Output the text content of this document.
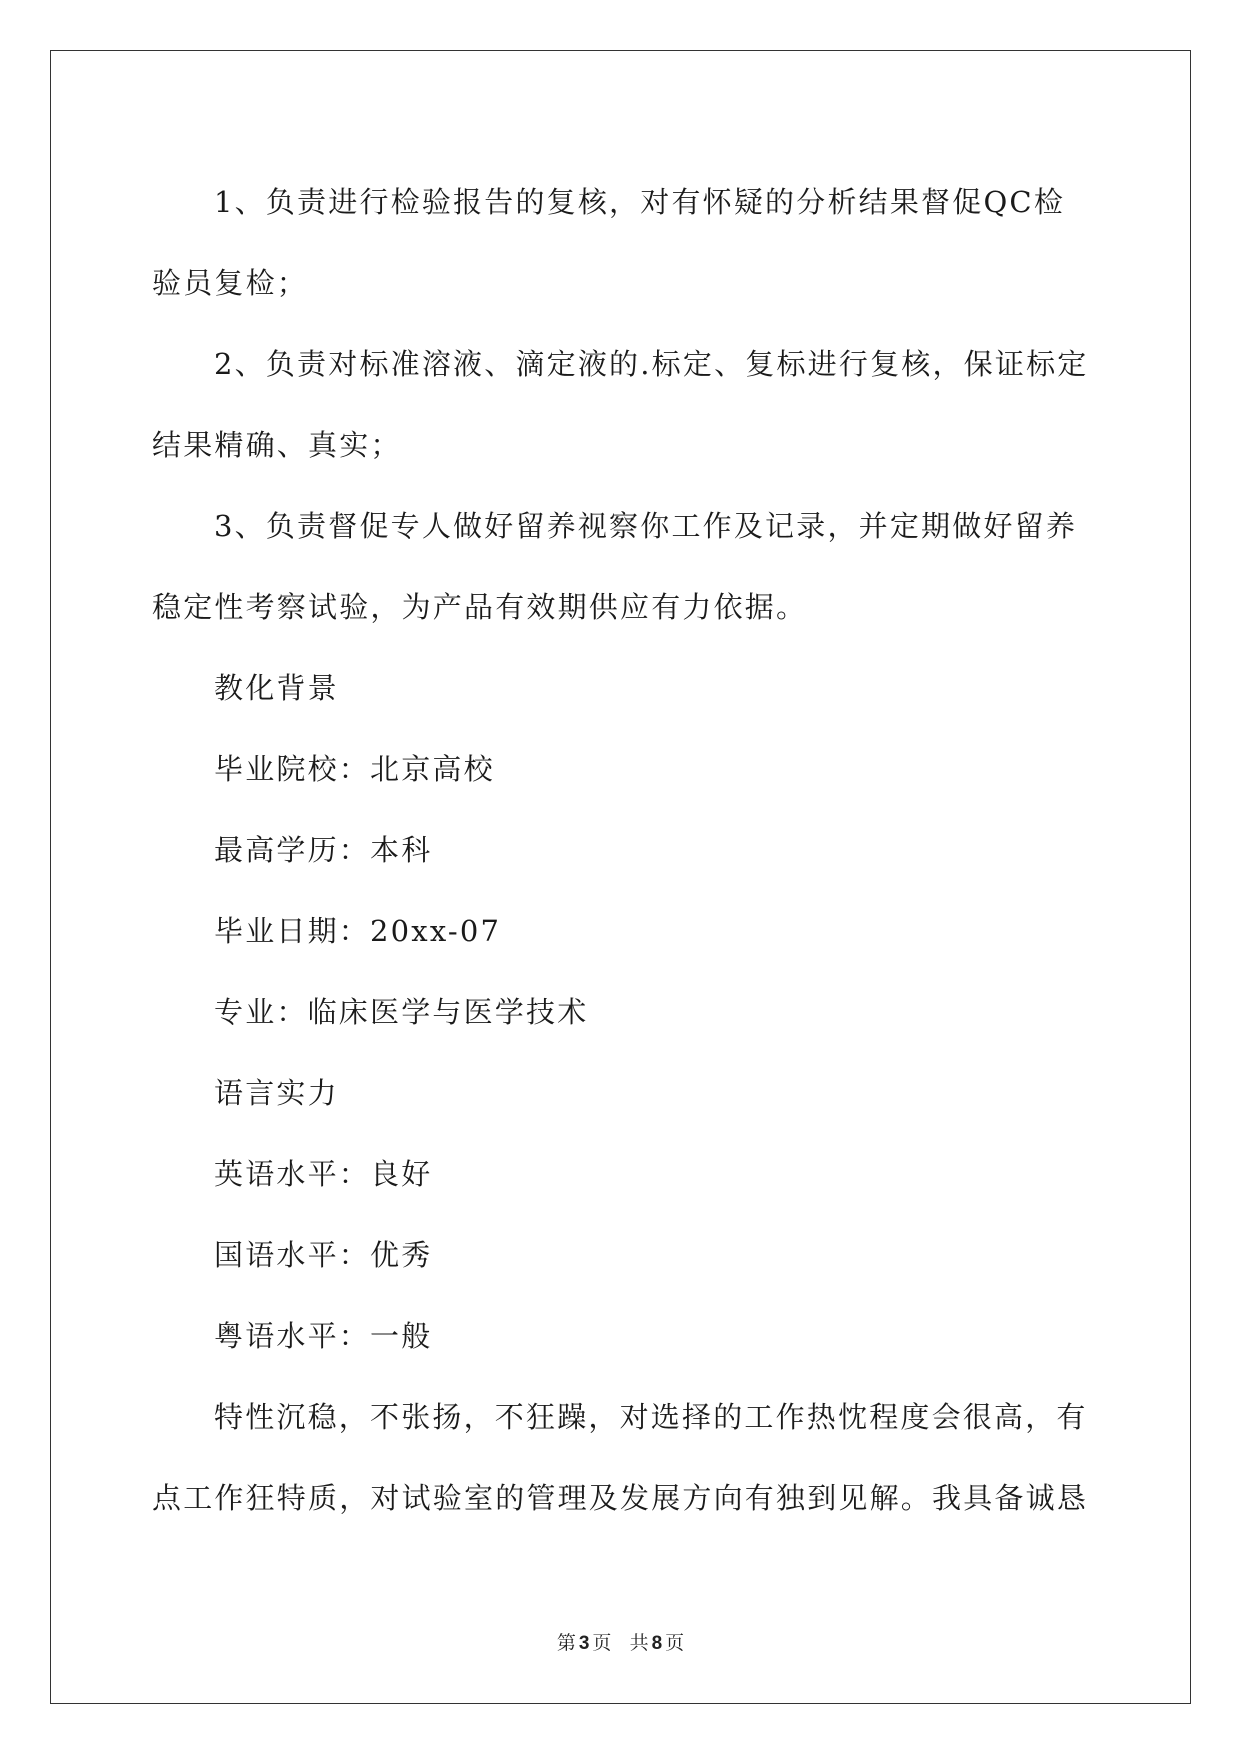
1、负责进行检验报告的复核，对有怀疑的分析结果督促QC检验员复检；

2、负责对标准溶液、滴定液的.标定、复标进行复核，保证标定结果精确、真实；

3、负责督促专人做好留养视察你工作及记录，并定期做好留养稳定性考察试验，为产品有效期供应有力依据。

教化背景

毕业院校：北京高校

最高学历：本科

毕业日期：20xx-07

专业：临床医学与医学技术

语言实力

英语水平：良好

国语水平：优秀

粤语水平：一般

特性沉稳，不张扬，不狂躁，对选择的工作热忱程度会很高，有点工作狂特质，对试验室的管理及发展方向有独到见解。我具备诚恳

第 3 页 共 8 页
